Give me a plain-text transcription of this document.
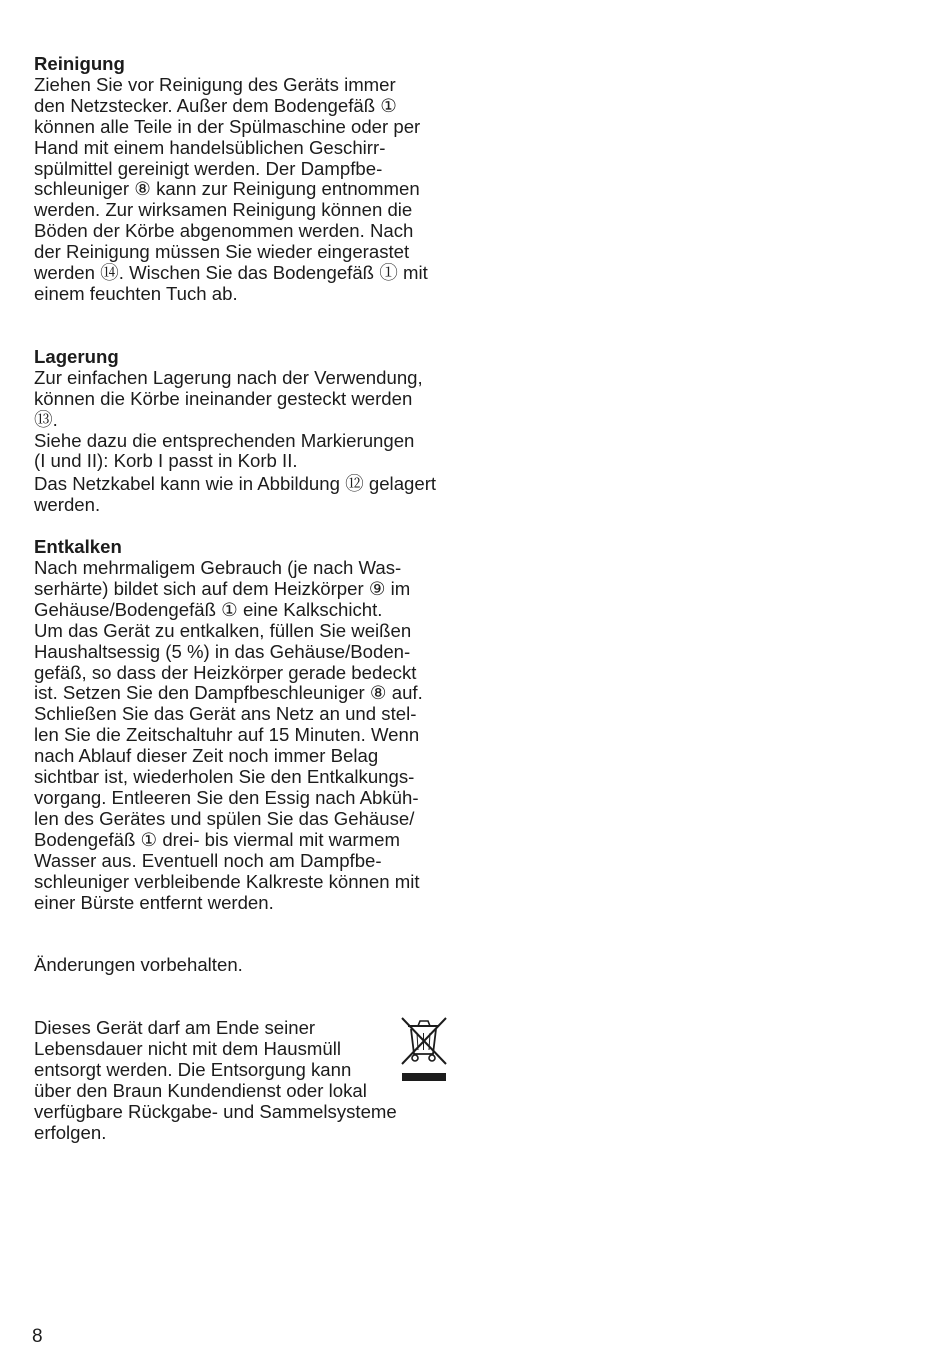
Reinigung
Ziehen Sie vor Reinigung des Geräts immer
den Netzstecker. Außer dem Bodengefäß ①
können alle Teile in der Spülmaschine oder per
Hand mit einem handelsüblichen Geschirr-
spülmittel gereinigt werden. Der Dampfbe-
schleuniger ⑧ kann zur Reinigung entnommen
werden. Zur wirksamen Reinigung können die
Böden der Körbe abgenommen werden. Nach
der Reinigung müssen Sie wieder eingerastet
werden ⑭. Wischen Sie das Bodengefäß ① mit
einem feuchten Tuch ab.
Lagerung
Zur einfachen Lagerung nach der Verwendung,
können die Körbe ineinander gesteckt werden
⑬.
Siehe dazu die entsprechenden Markierungen
(I und II): Korb I passt in Korb II.
Das Netzkabel kann wie in Abbildung ⑫ gelagert
werden.
Entkalken
Nach mehrmaligem Gebrauch (je nach Was-
serhärte) bildet sich auf dem Heizkörper ⑨ im
Gehäuse/Bodengefäß ① eine Kalkschicht.
Um das Gerät zu entkalken, füllen Sie weißen
Haushaltsessig (5 %) in das Gehäuse/Boden-
gefäß, so dass der Heizkörper gerade bedeckt
ist. Setzen Sie den Dampfbeschleuniger ⑧ auf.
Schließen Sie das Gerät ans Netz an und stel-
len Sie die Zeitschaltuhr auf 15 Minuten. Wenn
nach Ablauf dieser Zeit noch immer Belag
sichtbar ist, wiederholen Sie den Entkalkungs-
vorgang. Entleeren Sie den Essig nach Abküh-
len des Gerätes und spülen Sie das Gehäuse/
Bodengefäß ① drei- bis viermal mit warmem
Wasser aus. Eventuell noch am Dampfbe-
schleuniger verbleibende Kalkreste können mit
einer Bürste entfernt werden.
Änderungen vorbehalten.
Dieses Gerät darf am Ende seiner
Lebensdauer nicht mit dem Hausmüll
entsorgt werden. Die Entsorgung kann
über den Braun Kundendienst oder lokal
verfügbare Rückgabe- und Sammelsysteme
erfolgen.
8
